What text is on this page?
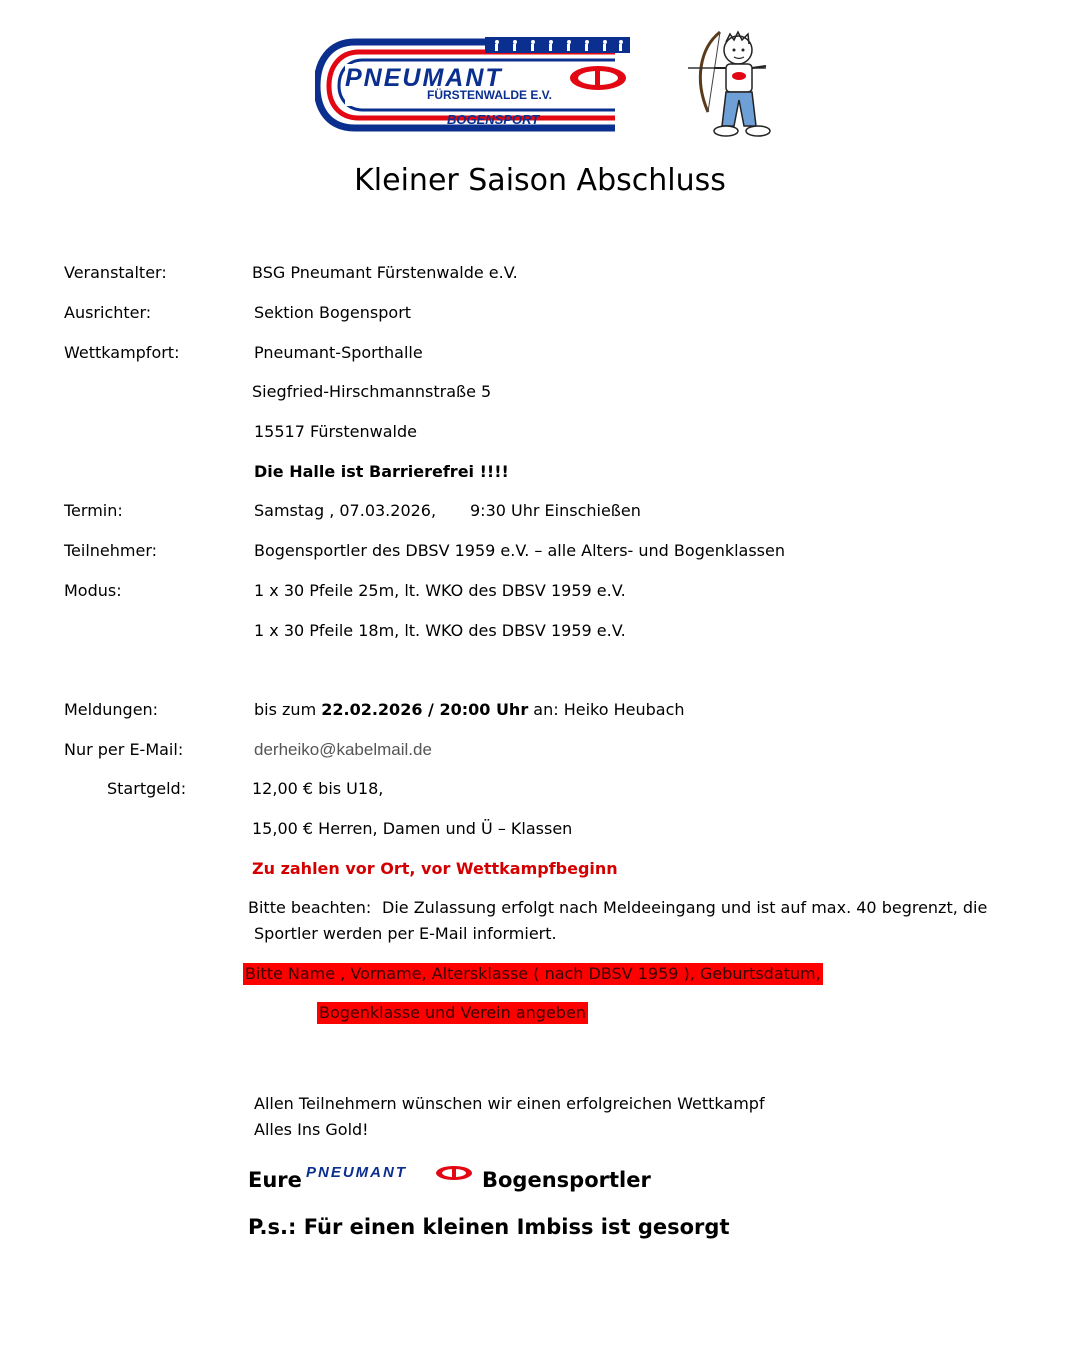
PNEUMANT
FÜRSTENWALDE E.V.
BOGENSPORT
Kleiner Saison Abschluss
Veranstalter:	BSG Pneumant Fürstenwalde e.V.
Ausrichter:	Sektion Bogensport
Wettkampfort:	Pneumant-Sporthalle
Siegfried-Hirschmannstraße 5
15517 Fürstenwalde
Die Halle ist Barrierefrei !!!!
Termin:	Samstag , 07.03.2026, 9:30 Uhr Einschießen
Teilnehmer:	Bogensportler des DBSV 1959 e.V. – alle Alters- und Bogenklassen
Modus:	1 x 30 Pfeile 25m, lt. WKO des DBSV 1959 e.V.
1 x 30 Pfeile 18m, lt. WKO des DBSV 1959 e.V.
Meldungen:	bis zum 22.02.2026 / 20:00 Uhr an: Heiko Heubach
Nur per E-Mail:	derheiko@kabelmail.de
Startgeld:	12,00 € bis U18,
15,00 € Herren, Damen und Ü – Klassen
Zu zahlen vor Ort, vor Wettkampfbeginn
Bitte beachten: Die Zulassung erfolgt nach Meldeeingang und ist auf max. 40 begrenzt, die
Sportler werden per E-Mail informiert.
Bitte Name , Vorname, Altersklasse ( nach DBSV 1959 ), Geburtsdatum,
Bogenklasse und Verein angeben
Allen Teilnehmern wünschen wir einen erfolgreichen Wettkampf
Alles Ins Gold!
Eure PNEUMANT	Bogensportler
P.s.: Für einen kleinen Imbiss ist gesorgt
